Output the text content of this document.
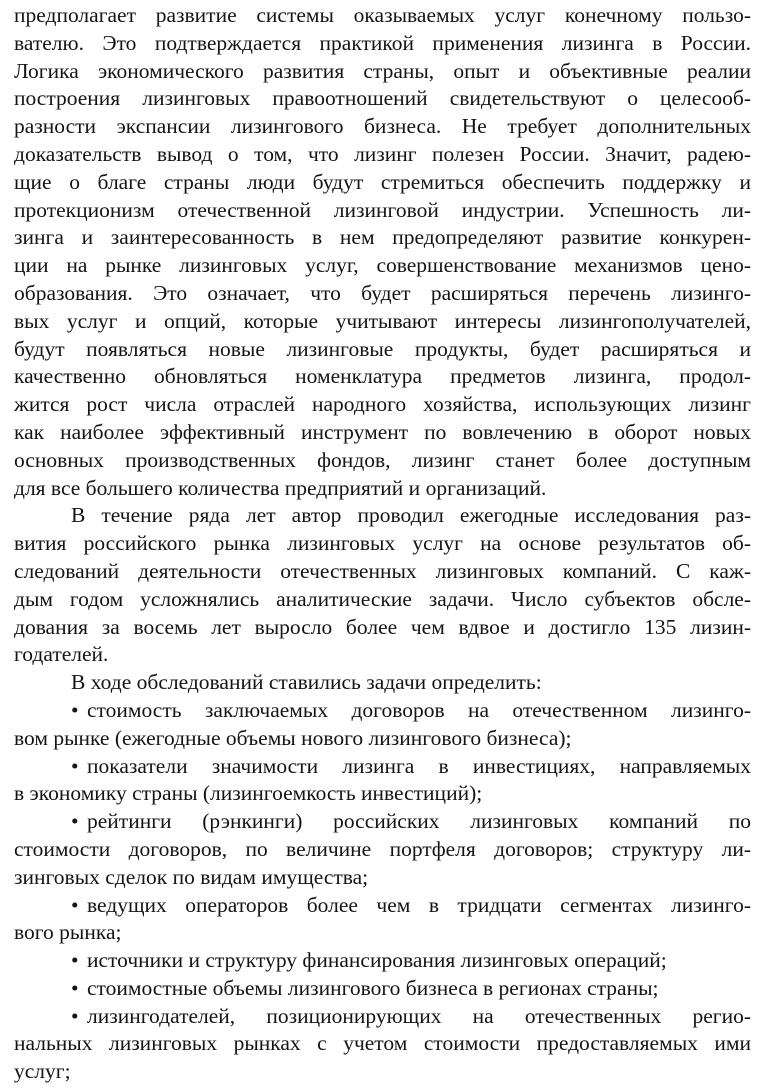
предполагает развитие системы оказываемых услуг конечному пользо-
вателю. Это подтверждается практикой применения лизинга в России.
Логика экономического развития страны, опыт и объективные реалии
построения лизинговых правоотношений свидетельствуют о целесооб-
разности экспансии лизингового бизнеса. Не требует дополнительных
доказательств вывод о том, что лизинг полезен России. Значит, радею-
щие о благе страны люди будут стремиться обеспечить поддержку и
протекционизм отечественной лизинговой индустрии. Успешность ли-
зинга и заинтересованность в нем предопределяют развитие конкурен-
ции на рынке лизинговых услуг, совершенствование механизмов цено-
образования. Это означает, что будет расширяться перечень лизинго-
вых услуг и опций, которые учитывают интересы лизингополучателей,
будут появляться новые лизинговые продукты, будет расширяться и
качественно обновляться номенклатура предметов лизинга, продол-
жится рост числа отраслей народного хозяйства, использующих лизинг
как наиболее эффективный инструмент по вовлечению в оборот новых
основных производственных фондов, лизинг станет более доступным
для все большего количества предприятий и организаций.

В течение ряда лет автор проводил ежегодные исследования раз-
вития российского рынка лизинговых услуг на основе результатов об-
следований деятельности отечественных лизинговых компаний. С каж-
дым годом усложнялись аналитические задачи. Число субъектов обсле-
дования за восемь лет выросло более чем вдвое и достигло 135 лизин-
годателей.

В ходе обследований ставились задачи определить:

• стоимость заключаемых договоров на отечественном лизинго-
вом рынке (ежегодные объемы нового лизингового бизнеса);
• показатели значимости лизинга в инвестициях, направляемых
в экономику страны (лизингоемкость инвестиций);
• рейтинги (рэнкинги) российских лизинговых компаний по
стоимости договоров, по величине портфеля договоров; структуру ли-
зинговых сделок по видам имущества;
• ведущих операторов более чем в тридцати сегментах лизинго-
вого рынка;
• источники и структуру финансирования лизинговых операций;
• стоимостные объемы лизингового бизнеса в регионах страны;
• лизингодателей, позиционирующих на отечественных регио-
нальных лизинговых рынках с учетом стоимости предоставляемых ими
услуг;
